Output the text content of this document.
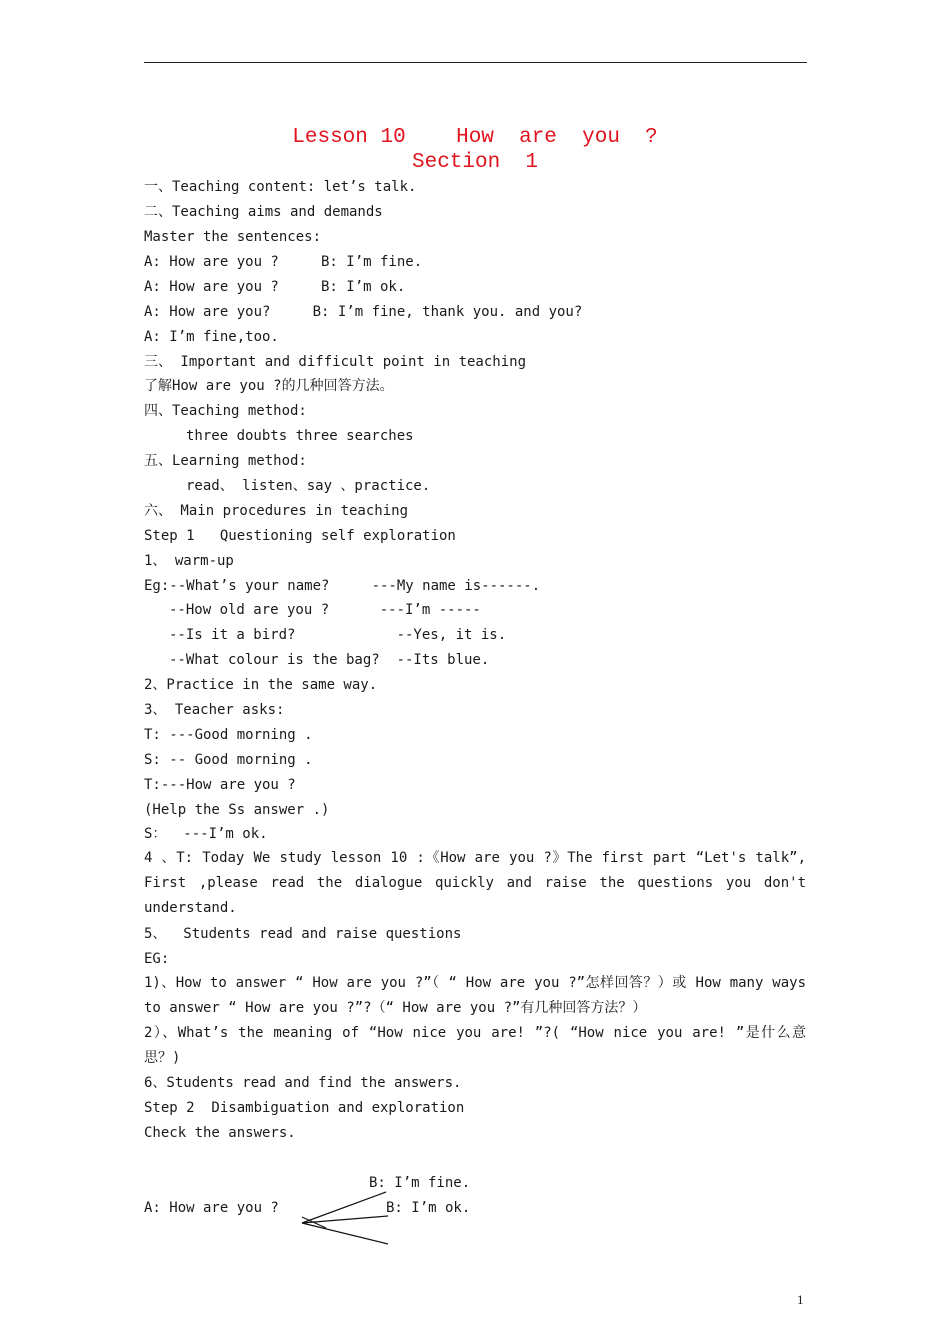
Lesson 10    How  are  you  ?
Section  1
一、Teaching content: let’s talk.
二、Teaching aims and demands
Master the sentences:
A: How are you ?     B: I’m fine.
A: How are you ?     B: I’m ok.
A: How are you?     B: I’m fine, thank you. and you?
A: I’m fine,too.
三、 Important and difficult point in teaching
了解How are you ?的几种回答方法。
四、Teaching method:
three doubts three searches
五、Learning method:
read、 listen、say 、practice.
六、 Main procedures in teaching
Step 1   Questioning self exploration
1、 warm-up
Eg:--What’s your name?     ---My name is------.
--How old are you ?      ---I’m -----
--Is it a bird?            --Yes, it is.
--What colour is the bag?  --Its blue.
2、Practice in the same way.
3、 Teacher asks:
T: ---Good morning .
S: -- Good morning .
T:---How are you ?
(Help the Ss answer .)
S：  ---I’m ok.
4 、T: Today We study lesson 10 :《How are you ?》The first part “Let's talk”, First ,please read the dialogue quickly and raise the questions you don't understand.
5、  Students read and raise questions
EG:
1)、How to answer “ How are you ?”（ “ How are you ?”怎样回答？）或 How many ways to answer “ How are you ?”?（“ How are you ?”有几种回答方法？）
2）、What’s the meaning of “How nice you are! ”?( “How nice you are! ”是什么意思？)
6、Students read and find the answers.
Step 2  Disambiguation and exploration
Check the answers.
B: I’m fine.
A: How are you ?	B: I’m ok.
1
